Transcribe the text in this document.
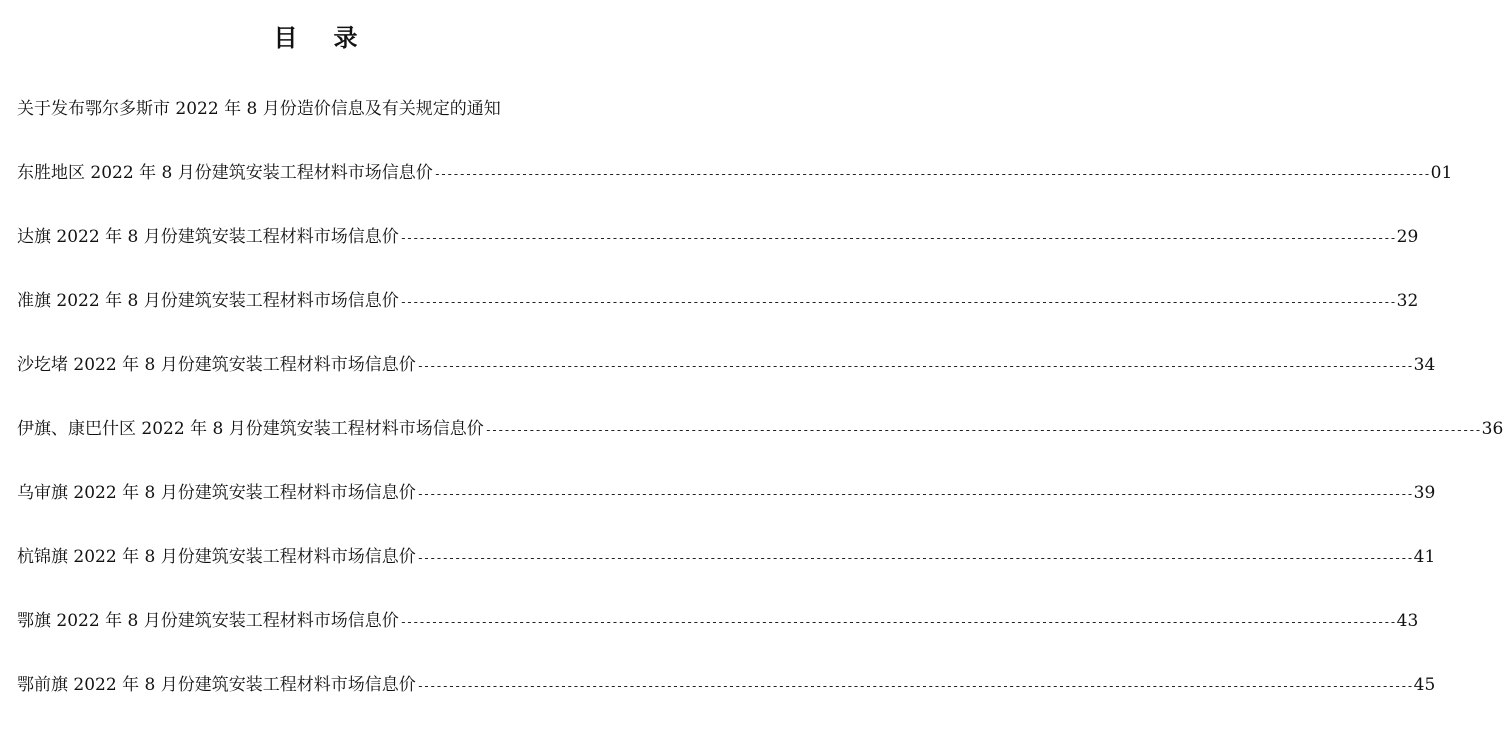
目 录
关于发布鄂尔多斯市 2022 年 8 月份造价信息及有关规定的通知
东胜地区 2022 年 8 月份建筑安装工程材料市场信息价 ---------------------------------------------------------------------------------------------------------------------------------------------------------------- 01
达旗 2022 年 8 月份建筑安装工程材料市场信息价 ---------------------------------------------------------------------------------------------------------------------------------------------------------------- 29
准旗 2022 年 8 月份建筑安装工程材料市场信息价 ---------------------------------------------------------------------------------------------------------------------------------------------------------------- 32
沙圪堵 2022 年 8 月份建筑安装工程材料市场信息价 ---------------------------------------------------------------------------------------------------------------------------------------------------------------- 34
伊旗、康巴什区 2022 年 8 月份建筑安装工程材料市场信息价 ---------------------------------------------------------------------------------------------------------------------------------------------------------------- 36
乌审旗 2022 年 8 月份建筑安装工程材料市场信息价 ---------------------------------------------------------------------------------------------------------------------------------------------------------------- 39
杭锦旗 2022 年 8 月份建筑安装工程材料市场信息价 ---------------------------------------------------------------------------------------------------------------------------------------------------------------- 41
鄂旗 2022 年 8 月份建筑安装工程材料市场信息价 ---------------------------------------------------------------------------------------------------------------------------------------------------------------- 43
鄂前旗 2022 年 8 月份建筑安装工程材料市场信息价 ---------------------------------------------------------------------------------------------------------------------------------------------------------------- 45
